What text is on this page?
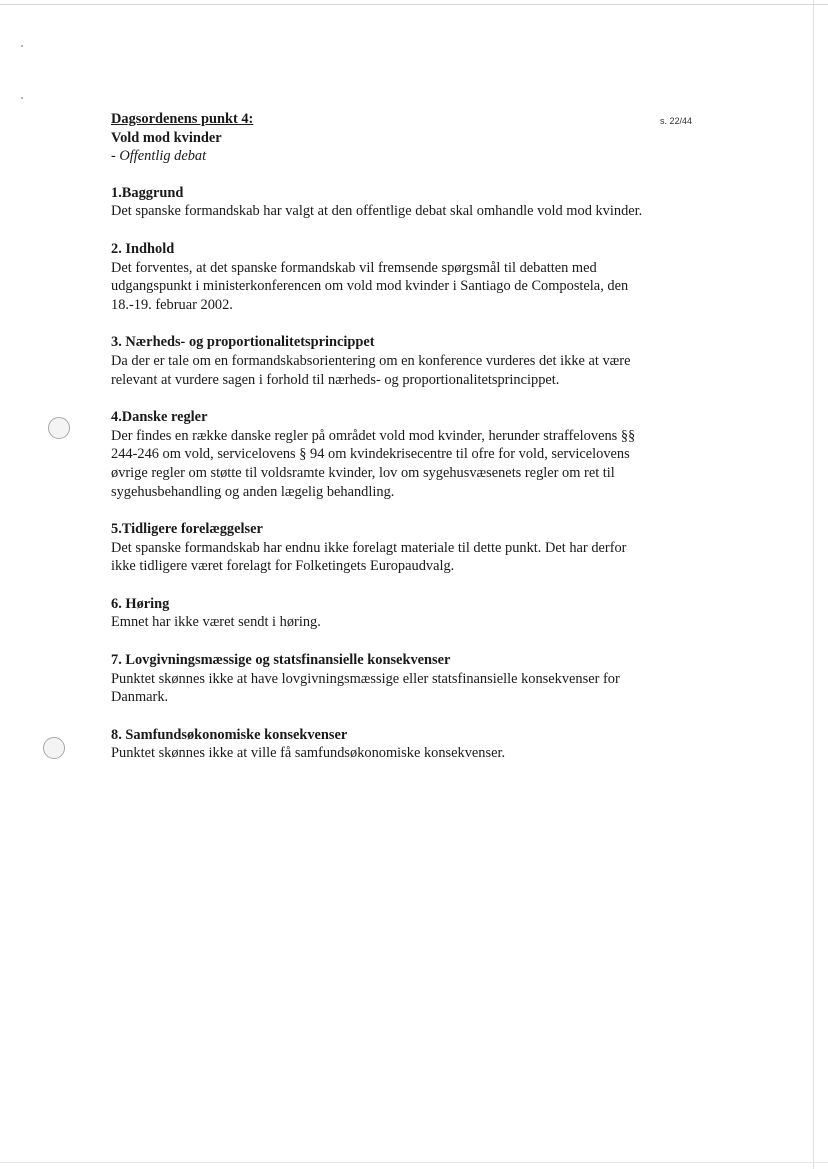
s. 22/44
Dagsordenens punkt 4:
Vold mod kvinder
- Offentlig debat
1.Baggrund

Det spanske formandskab har valgt at den offentlige debat skal omhandle vold mod kvinder.

2. Indhold

Det forventes, at det spanske formandskab vil fremsende spørgsmål til debatten med udgangspunkt i ministerkonferencen om vold mod kvinder i Santiago de Compostela, den 18.-19. februar 2002.

3. Nærheds- og proportionalitetsprincippet

Da der er tale om en formandskabsorientering om en konference vurderes det ikke at være relevant at vurdere sagen i forhold til nærheds- og proportionalitetsprincippet.

4.Danske regler

Der findes en række danske regler på området vold mod kvinder, herunder straffelovens §§ 244-246 om vold, servicelovens § 94 om kvindekrisecentre til ofre for vold, servicelovens øvrige regler om støtte til voldsramte kvinder, lov om sygehusvæsenets regler om ret til sygehusbehandling og anden lægelig behandling.

5.Tidligere forelæggelser

Det spanske formandskab har endnu ikke forelagt materiale til dette punkt. Det har derfor ikke tidligere været forelagt for Folketingets Europaudvalg.

6. Høring

Emnet har ikke været sendt i høring.

7. Lovgivningsmæssige og statsfinansielle konsekvenser

Punktet skønnes ikke at have lovgivningsmæssige eller statsfinansielle konsekvenser for Danmark.

8. Samfundsøkonomiske konsekvenser

Punktet skønnes ikke at ville få samfundsøkonomiske konsekvenser.
